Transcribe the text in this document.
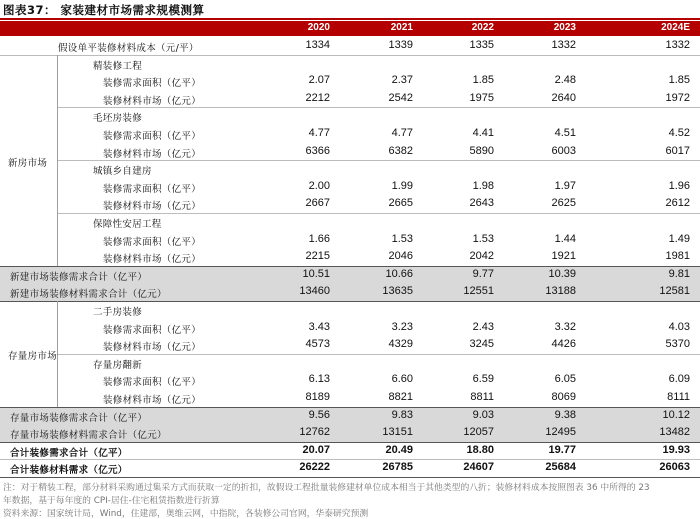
图表37： 家装建材市场需求规模测算
2020	2021	2022	2023	2024E
假设单平装修材料成本（元/平）	1334	1339	1335	1332	1332
精装修工程
装修需求面积（亿平）	2.07	2.37	1.85	2.48	1.85
装修材料市场（亿元）	2212	2542	1975	2640	1972
毛坯房装修
装修需求面积（亿平）	4.77	4.77	4.41	4.51	4.52
装修材料市场（亿元）	6366	6382	5890	6003	6017
城镇乡自建房
装修需求面积（亿平）	2.00	1.99	1.98	1.97	1.96
装修材料市场（亿元）	2667	2665	2643	2625	2612
保障性安居工程
装修需求面积（亿平）	1.66	1.53	1.53	1.44	1.49
装修材料市场（亿元）	2215	2046	2042	1921	1981
新建市场装修需求合计（亿平）	10.51	10.66	9.77	10.39	9.81
新建市场装修材料需求合计（亿元）	13460	13635	12551	13188	12581
二手房装修
装修需求面积（亿平）	3.43	3.23	2.43	3.32	4.03
装修材料市场（亿元）	4573	4329	3245	4426	5370
存量房翻新
装修需求面积（亿平）	6.13	6.60	6.59	6.05	6.09
装修材料市场（亿元）	8189	8821	8811	8069	8111
存量市场装修需求合计（亿平）	9.56	9.83	9.03	9.38	10.12
存量市场装修材料需求合计（亿元）	12762	13151	12057	12495	13482
合计装修需求合计（亿平）	20.07	20.49	18.80	19.77	19.93
合计装修材料需求（亿元）	26222	26785	24607	25684	26063
新房市场
存量房市场
注：对于精装工程，部分材料采购通过集采方式而获取一定的折扣，故假设工程批量装修建材单位成本相当于其他类型的八折；装修材料成本按照图表 36 中所得的 23
年数据，基于每年度的 CPI-居住-住宅租赁指数进行折算
资料来源：国家统计局，Wind，住建部，奥维云网，中指院，各装修公司官网，华泰研究预测
